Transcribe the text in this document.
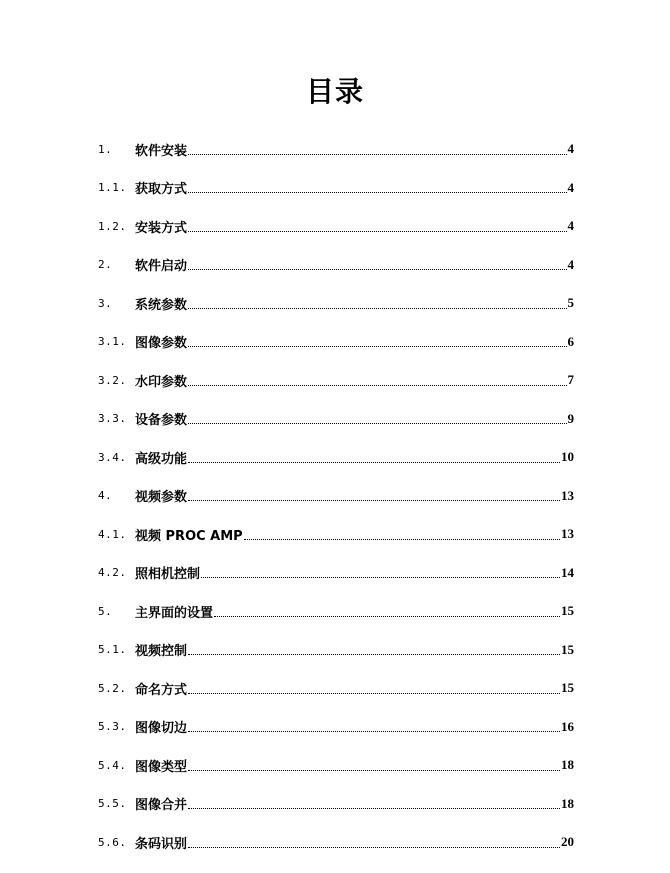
目录
1.	软件安装	4
1.1. 获取方式	4
1.2. 安装方式	4
2.	软件启动	4
3.	系统参数	5
3.1. 图像参数	6
3.2. 水印参数	7
3.3. 设备参数	9
3.4. 高级功能	10
4.	视频参数	13
4.1. 视频 PROC AMP	13
4.2. 照相机控制	14
5.	主界面的设置	15
5.1. 视频控制	15
5.2. 命名方式	15
5.3. 图像切边	16
5.4. 图像类型	18
5.5. 图像合并	18
5.6. 条码识别	20
